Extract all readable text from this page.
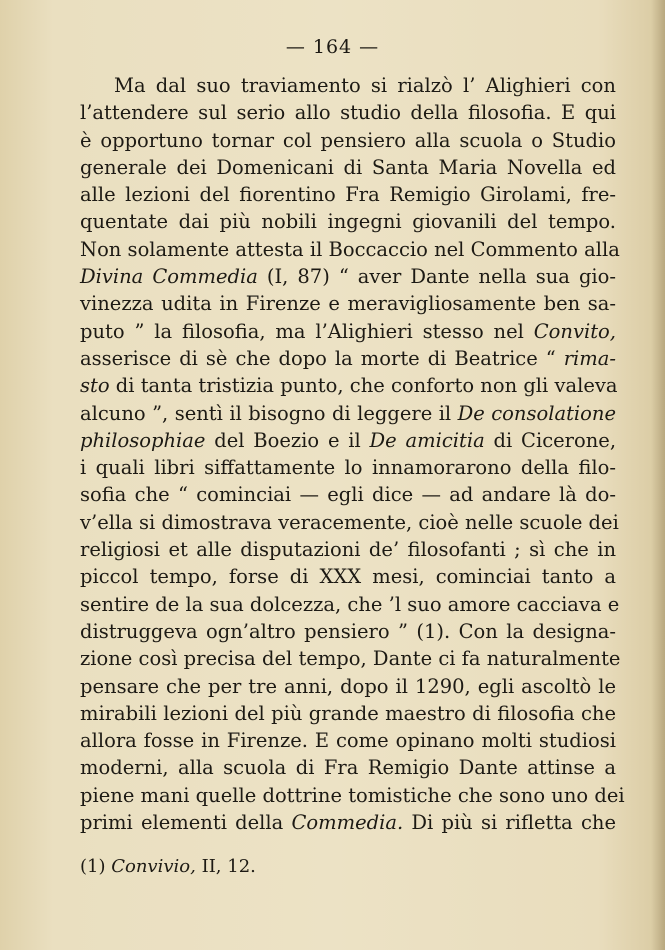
— 164 —
Ma dal suo traviamento si rialzò l’ Alighieri con
l’attendere sul serio allo studio della filosofia. E qui
è opportuno tornar col pensiero alla scuola o Studio
generale dei Domenicani di Santa Maria Novella ed
alle lezioni del fiorentino Fra Remigio Girolami, fre-
quentate dai più nobili ingegni giovanili del tempo.
Non solamente attesta il Boccaccio nel Commento alla
Divina Commedia (I, 87) “ aver Dante nella sua gio-
vinezza udita in Firenze e meravigliosamente ben sa-
puto ” la filosofia, ma l’Alighieri stesso nel Convito,
asserisce di sè che dopo la morte di Beatrice “ rima-
sto di tanta tristizia punto, che conforto non gli valeva
alcuno ”, sentì il bisogno di leggere il De consolatione
philosophiae del Boezio e il De amicitia di Cicerone,
i quali libri siffattamente lo innamorarono della filo-
sofia che “ cominciai — egli dice — ad andare là do-
v’ella si dimostrava veracemente, cioè nelle scuole dei
religiosi et alle disputazioni de’ filosofanti ; sì che in
piccol tempo, forse di XXX mesi, cominciai tanto a
sentire de la sua dolcezza, che ’l suo amore cacciava e
distruggeva ogn’altro pensiero ” (1). Con la designa-
zione così precisa del tempo, Dante ci fa naturalmente
pensare che per tre anni, dopo il 1290, egli ascoltò le
mirabili lezioni del più grande maestro di filosofia che
allora fosse in Firenze. E come opinano molti studiosi
moderni, alla scuola di Fra Remigio Dante attinse a
piene mani quelle dottrine tomistiche che sono uno dei
primi elementi della Commedia. Di più si rifletta che
(1) Convivio, II, 12.
